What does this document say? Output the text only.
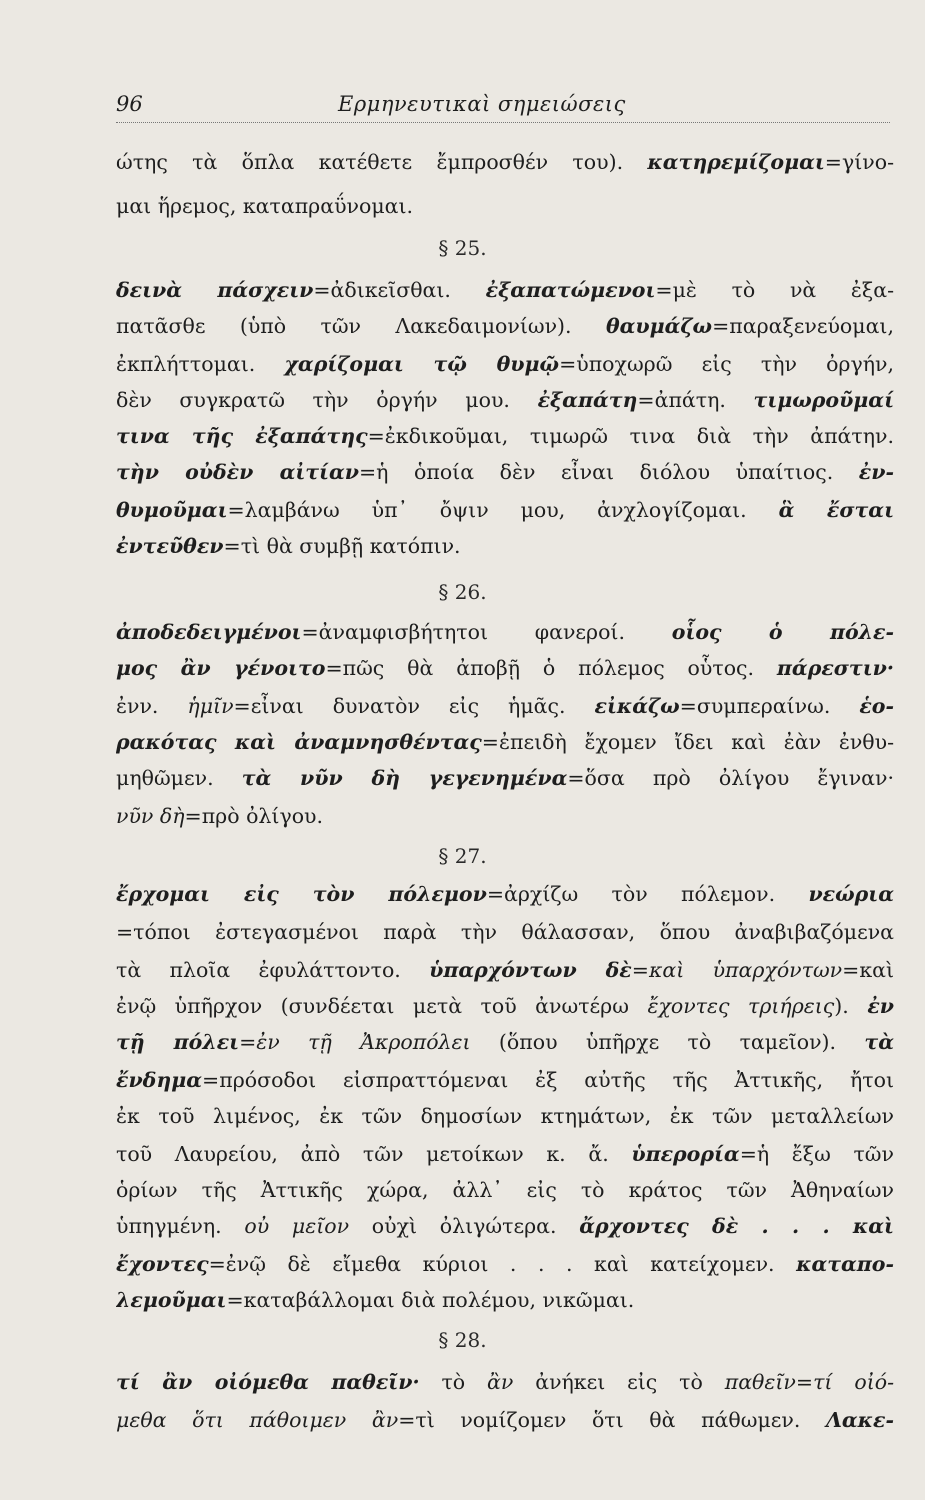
96	Ερμηνευτικαὶ σημειώσεις
ώτης τὰ ὅπλα κατέθετε ἔμπροσθέν του). κατηρεμίζομαι=γίνο-
μαι ἥρεμος, καταπραΰνομαι.
§ 25.
δεινὰ πάσχειν=ἀδικεῖσθαι. ἐξαπατώμενοι=μὲ τὸ νὰ ἐξα-
πατᾶσθε (ὑπὸ τῶν Λακεδαιμονίων). θαυμάζω=παραξενεύομαι,
ἐκπλήττομαι. χαρίζομαι τῷ θυμῷ=ὑποχωρῶ εἰς τὴν ὀργήν,
δὲν συγκρατῶ τὴν ὀργήν μου. ἐξαπάτη=ἀπάτη. τιμωροῦμαί
τινα τῆς ἐξαπάτης=ἐκδικοῦμαι, τιμωρῶ τινα διὰ τὴν ἀπάτην.
τὴν οὐδὲν αἰτίαν=ἡ ὁποία δὲν εἶναι διόλου ὑπαίτιος. ἐν-
θυμοῦμαι=λαμβάνω ὑπ᾿ ὄψιν μου, ἀνχλογίζομαι. ἃ ἔσται
ἐντεῦθεν=τὶ θὰ συμβῇ κατόπιν.
§ 26.
ἀποδεδειγμένοι=ἀναμφισβήτητοι φανεροί. οἷος ὁ πόλε-
μος ἂν γένοιτο=πῶς θὰ ἀποβῇ ὁ πόλεμος οὗτος. πάρεστιν·
ἐνν. ἡμῖν=εἶναι δυνατὸν εἰς ἡμᾶς. εἰκάζω=συμπεραίνω. ἑο-
ρακότας καὶ ἀναμνησθέντας=ἐπειδὴ ἔχομεν ἴδει καὶ ἐὰν ἐνθυ-
μηθῶμεν. τὰ νῦν δὴ γεγενημένα=ὅσα πρὸ ὀλίγου ἔγιναν·
νῦν δὴ=πρὸ ὀλίγου.
§ 27.
ἔρχομαι εἰς τὸν πόλεμον=ἀρχίζω τὸν πόλεμον. νεώρια
=τόποι ἐστεγασμένοι παρὰ τὴν θάλασσαν, ὅπου ἀναβιβαζόμενα
τὰ πλοῖα ἐφυλάττοντο. ὑπαρχόντων δὲ=καὶ ὑπαρχόντων=καὶ
ἐνῷ ὑπῆρχον (συνδέεται μετὰ τοῦ ἀνωτέρω ἔχοντες τριήρεις). ἐν
τῇ πόλει=ἐν τῇ Ἀκροπόλει (ὅπου ὑπῆρχε τὸ ταμεῖον). τὰ
ἔνδημα=πρόσοδοι εἰσπραττόμεναι ἐξ αὐτῆς τῆς Ἀττικῆς, ἤτοι
ἐκ τοῦ λιμένος, ἐκ τῶν δημοσίων κτημάτων, ἐκ τῶν μεταλλείων
τοῦ Λαυρείου, ἀπὸ τῶν μετοίκων κ. ἄ. ὑπερορία=ἡ ἔξω τῶν
ὁρίων τῆς Ἀττικῆς χώρα, ἀλλ᾿ εἰς τὸ κράτος τῶν Ἀθηναίων
ὑπηγμένη. οὐ μεῖον οὐχὶ ὀλιγώτερα. ἄρχοντες δὲ . . . καὶ
ἔχοντες=ἐνῷ δὲ εἴμεθα κύριοι . . . καὶ κατείχομεν. καταπο-
λεμοῦμαι=καταβάλλομαι διὰ πολέμου, νικῶμαι.
§ 28.
τί ἂν οἰόμεθα παθεῖν· τὸ ἂν ἀνήκει εἰς τὸ παθεῖν=τί οἰό-
μεθα ὅτι πάθοιμεν ἂν=τὶ νομίζομεν ὅτι θὰ πάθωμεν. Λακε-
